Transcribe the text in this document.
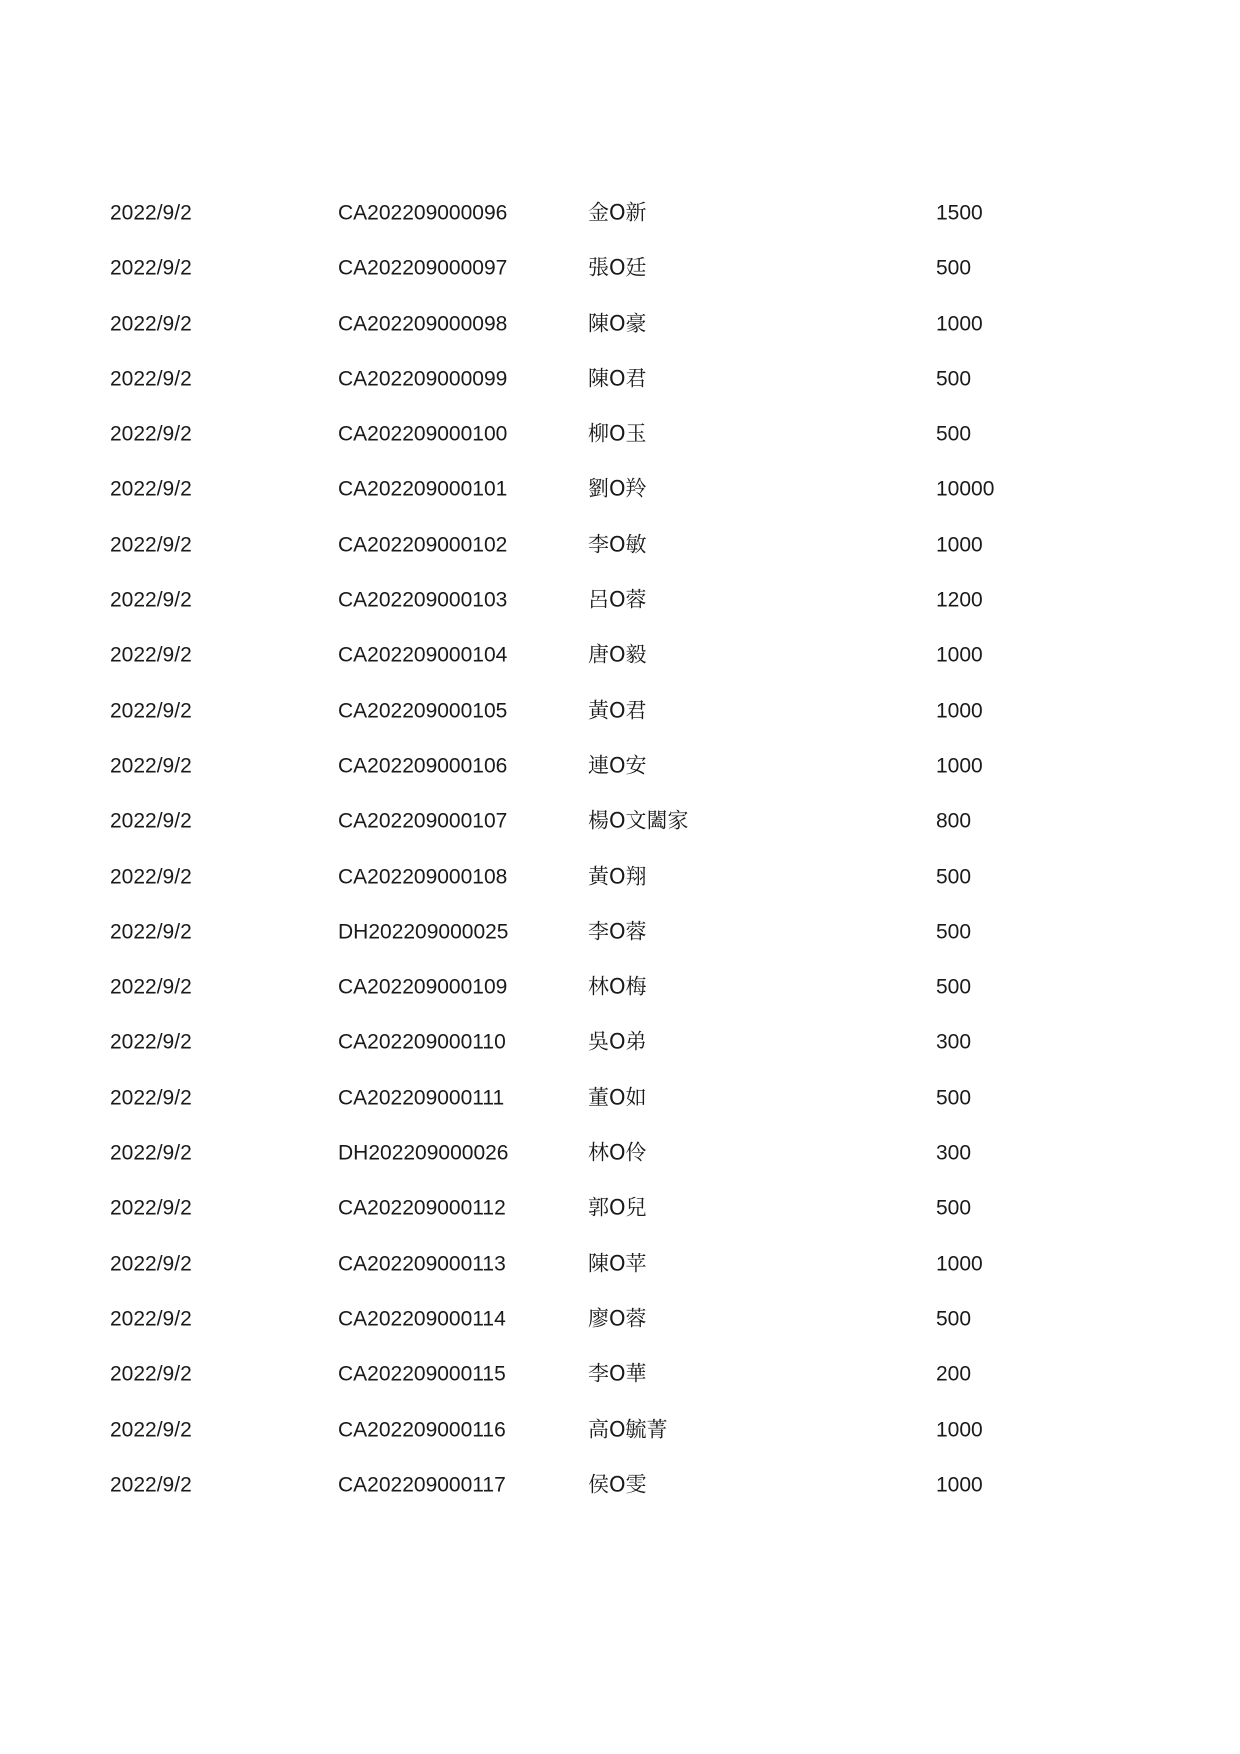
2022/9/2	CA202209000096	金O新	1500
2022/9/2	CA202209000097	張O廷	500
2022/9/2	CA202209000098	陳O豪	1000
2022/9/2	CA202209000099	陳O君	500
2022/9/2	CA202209000100	柳O玉	500
2022/9/2	CA202209000101	劉O羚	10000
2022/9/2	CA202209000102	李O敏	1000
2022/9/2	CA202209000103	呂O蓉	1200
2022/9/2	CA202209000104	唐O毅	1000
2022/9/2	CA202209000105	黃O君	1000
2022/9/2	CA202209000106	連O安	1000
2022/9/2	CA202209000107	楊O文闔家	800
2022/9/2	CA202209000108	黃O翔	500
2022/9/2	DH202209000025	李O蓉	500
2022/9/2	CA202209000109	林O梅	500
2022/9/2	CA202209000110	吳O弟	300
2022/9/2	CA202209000111	董O如	500
2022/9/2	DH202209000026	林O伶	300
2022/9/2	CA202209000112	郭O兒	500
2022/9/2	CA202209000113	陳O苹	1000
2022/9/2	CA202209000114	廖O蓉	500
2022/9/2	CA202209000115	李O華	200
2022/9/2	CA202209000116	高O毓菁	1000
2022/9/2	CA202209000117	侯O雯	1000
